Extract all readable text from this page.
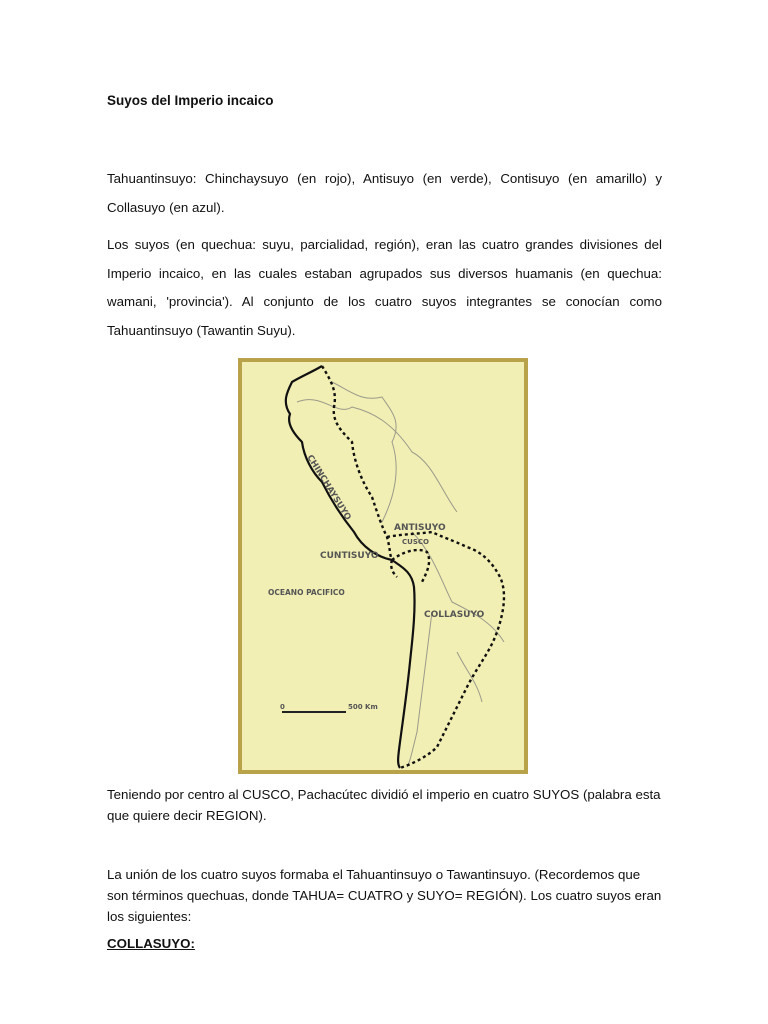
Suyos del Imperio incaico

Tahuantinsuyo: Chinchaysuyo (en rojo), Antisuyo (en verde), Contisuyo (en amarillo) y Collasuyo (en azul).

Los suyos (en quechua: suyu, parcialidad, región), eran las cuatro grandes divisiones del Imperio incaico, en las cuales estaban agrupados sus diversos huamanis (en quechua: wamani, 'provincia'). Al conjunto de los cuatro suyos integrantes se conocían como Tahuantinsuyo (Tawantin Suyu).

CHINCHAYSUYO
ANTISUYO
CUSCO
CUNTISUYO
COLLASUYO
OCEANO PACIFICO
0	500 Km

Teniendo por centro al CUSCO, Pachacútec dividió el imperio en cuatro SUYOS (palabra esta que quiere decir REGION).

La unión de los cuatro suyos formaba el Tahuantinsuyo o Tawantinsuyo. (Recordemos que son términos quechuas, donde TAHUA= CUATRO y SUYO= REGIÓN). Los cuatro suyos eran los siguientes:

COLLASUYO:
